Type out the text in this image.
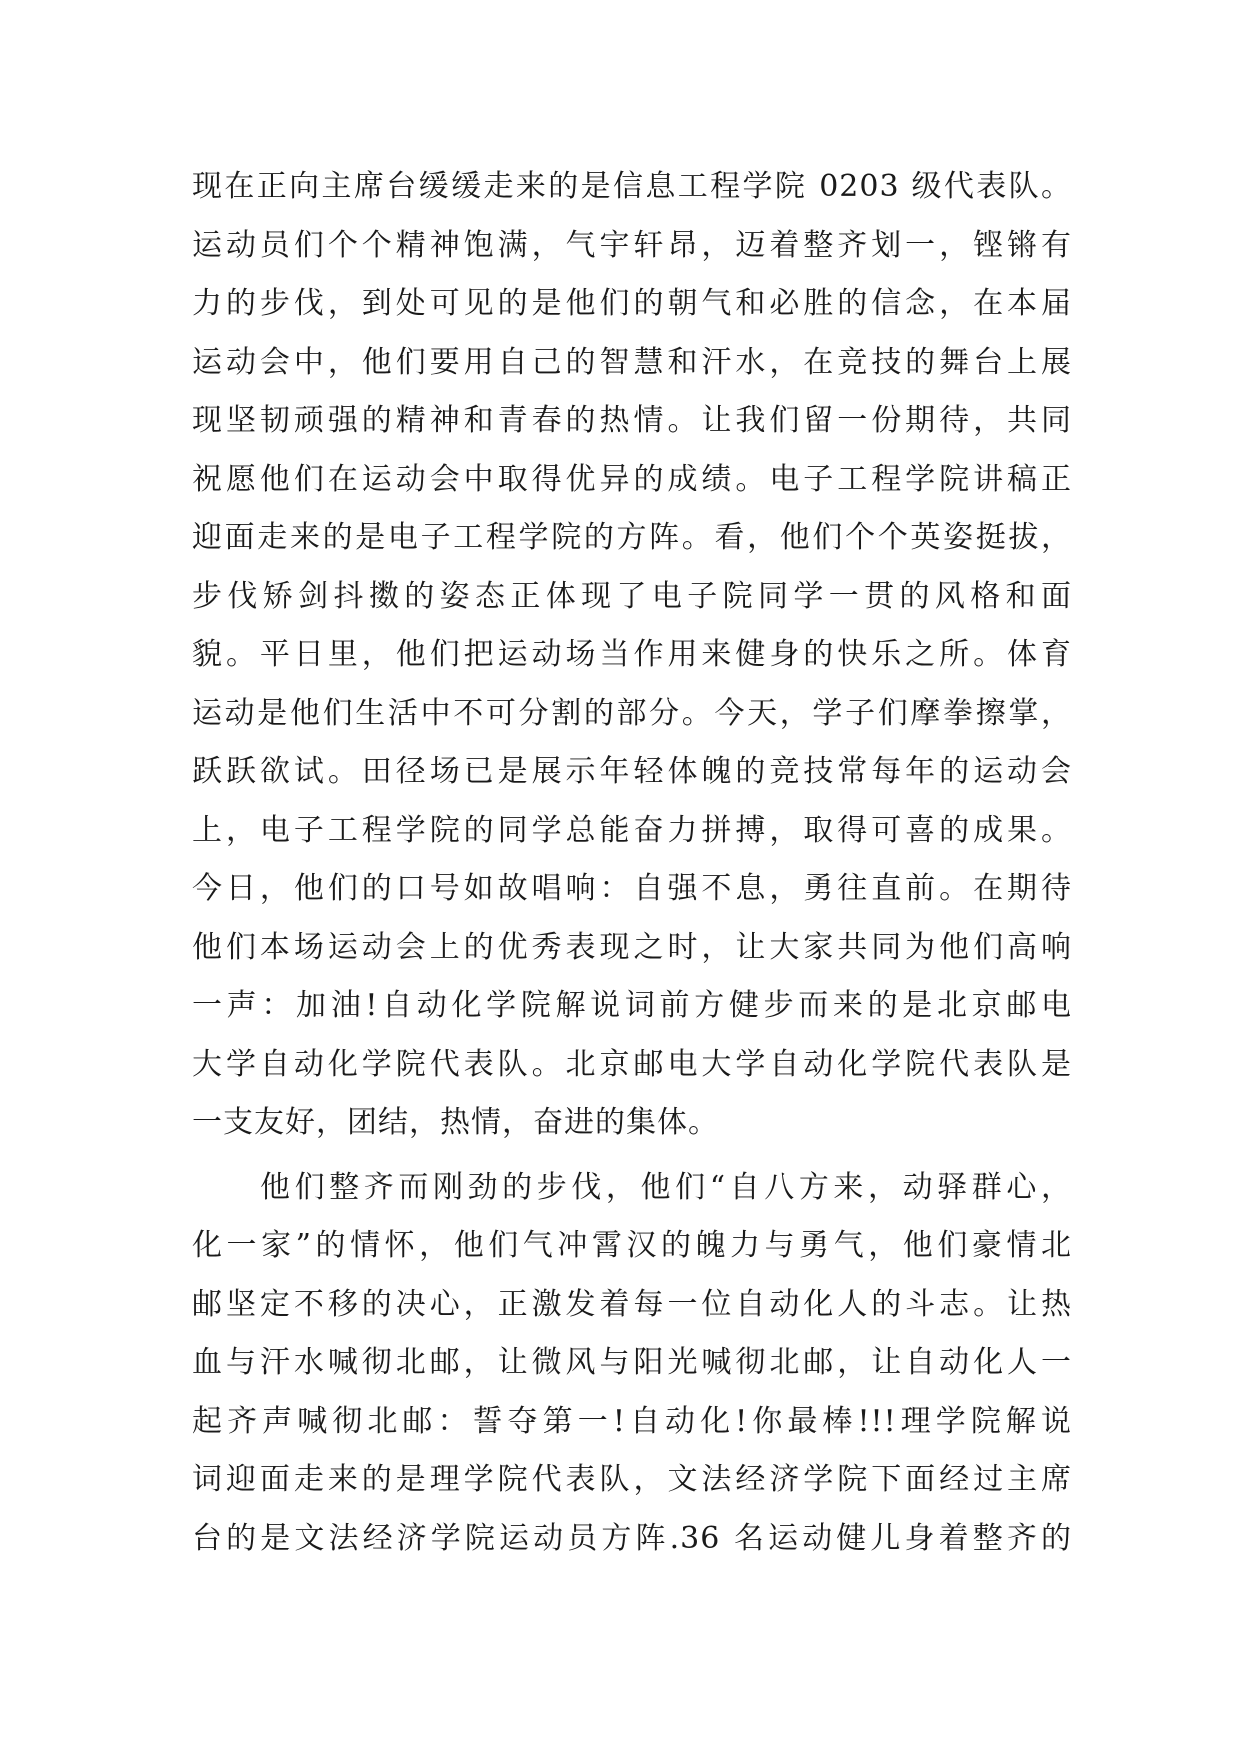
现在正向主席台缓缓走来的是信息工程学院 0203 级代表队。
运动员们个个精神饱满，气宇轩昂，迈着整齐划一，铿锵有
力的步伐，到处可见的是他们的朝气和必胜的信念，在本届
运动会中，他们要用自己的智慧和汗水，在竞技的舞台上展
现坚韧顽强的精神和青春的热情。让我们留一份期待，共同
祝愿他们在运动会中取得优异的成绩。电子工程学院讲稿正
迎面走来的是电子工程学院的方阵。看，他们个个英姿挺拔，
步伐矫剑抖擞的姿态正体现了电子院同学一贯的风格和面
貌。平日里，他们把运动场当作用来健身的快乐之所。体育
运动是他们生活中不可分割的部分。今天，学子们摩拳擦掌，
跃跃欲试。田径场已是展示年轻体魄的竞技常每年的运动会
上，电子工程学院的同学总能奋力拼搏，取得可喜的成果。
今日，他们的口号如故唱响：自强不息，勇往直前。在期待
他们本场运动会上的优秀表现之时，让大家共同为他们高响
一声：加油!自动化学院解说词前方健步而来的是北京邮电
大学自动化学院代表队。北京邮电大学自动化学院代表队是
一支友好，团结，热情，奋进的集体。
他们整齐而刚劲的步伐，他们“自八方来，动驿群心，
化一家”的情怀，他们气冲霄汉的魄力与勇气，他们豪情北
邮坚定不移的决心，正激发着每一位自动化人的斗志。让热
血与汗水喊彻北邮，让微风与阳光喊彻北邮，让自动化人一
起齐声喊彻北邮：誓夺第一!自动化!你最棒!!!理学院解说
词迎面走来的是理学院代表队，文法经济学院下面经过主席
台的是文法经济学院运动员方阵.36 名运动健儿身着整齐的
